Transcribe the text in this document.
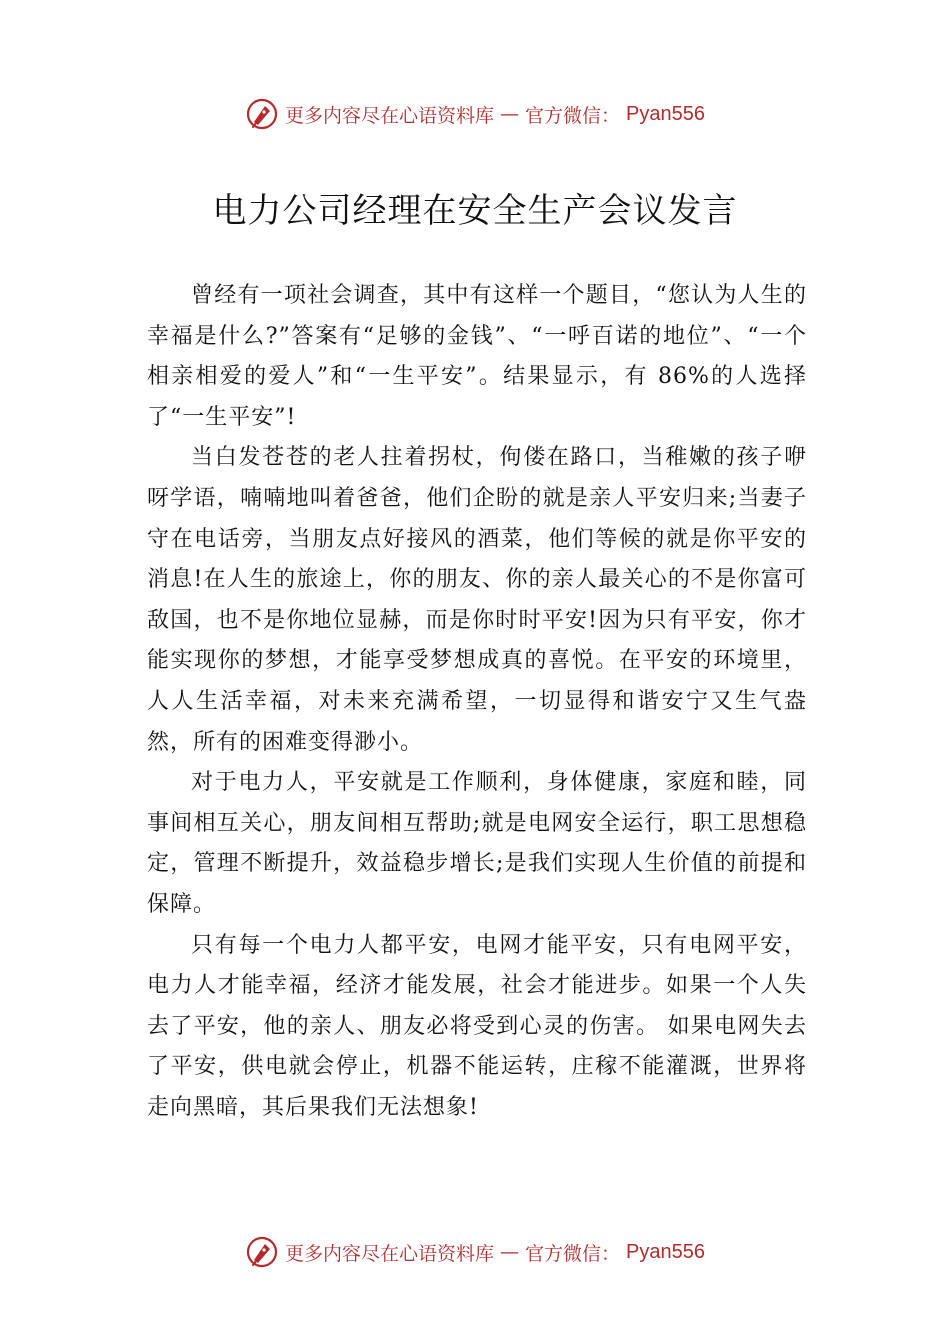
更多内容尽在心语资料库 — 官方微信： Pyan556
电力公司经理在安全生产会议发言

曾经有一项社会调查，其中有这样一个题目，“您认为人生的幸福是什么?”答案有“足够的金钱”、“一呼百诺的地位”、“一个相亲相爱的爱人”和“一生平安”。结果显示，有 86%的人选择了“一生平安”!

当白发苍苍的老人拄着拐杖，佝偻在路口，当稚嫩的孩子咿呀学语，喃喃地叫着爸爸，他们企盼的就是亲人平安归来;当妻子守在电话旁，当朋友点好接风的酒菜，他们等候的就是你平安的消息!在人生的旅途上，你的朋友、你的亲人最关心的不是你富可敌国，也不是你地位显赫，而是你时时平安!因为只有平安，你才能实现你的梦想，才能享受梦想成真的喜悦。在平安的环境里，人人生活幸福，对未来充满希望，一切显得和谐安宁又生气盎然，所有的困难变得渺小。

对于电力人，平安就是工作顺利，身体健康，家庭和睦，同事间相互关心，朋友间相互帮助;就是电网安全运行，职工思想稳定，管理不断提升，效益稳步增长;是我们实现人生价值的前提和保障。

只有每一个电力人都平安，电网才能平安，只有电网平安，电力人才能幸福，经济才能发展，社会才能进步。如果一个人失去了平安，他的亲人、朋友必将受到心灵的伤害。 如果电网失去了平安，供电就会停止，机器不能运转，庄稼不能灌溉，世界将走向黑暗，其后果我们无法想象!

更多内容尽在心语资料库 — 官方微信： Pyan556
